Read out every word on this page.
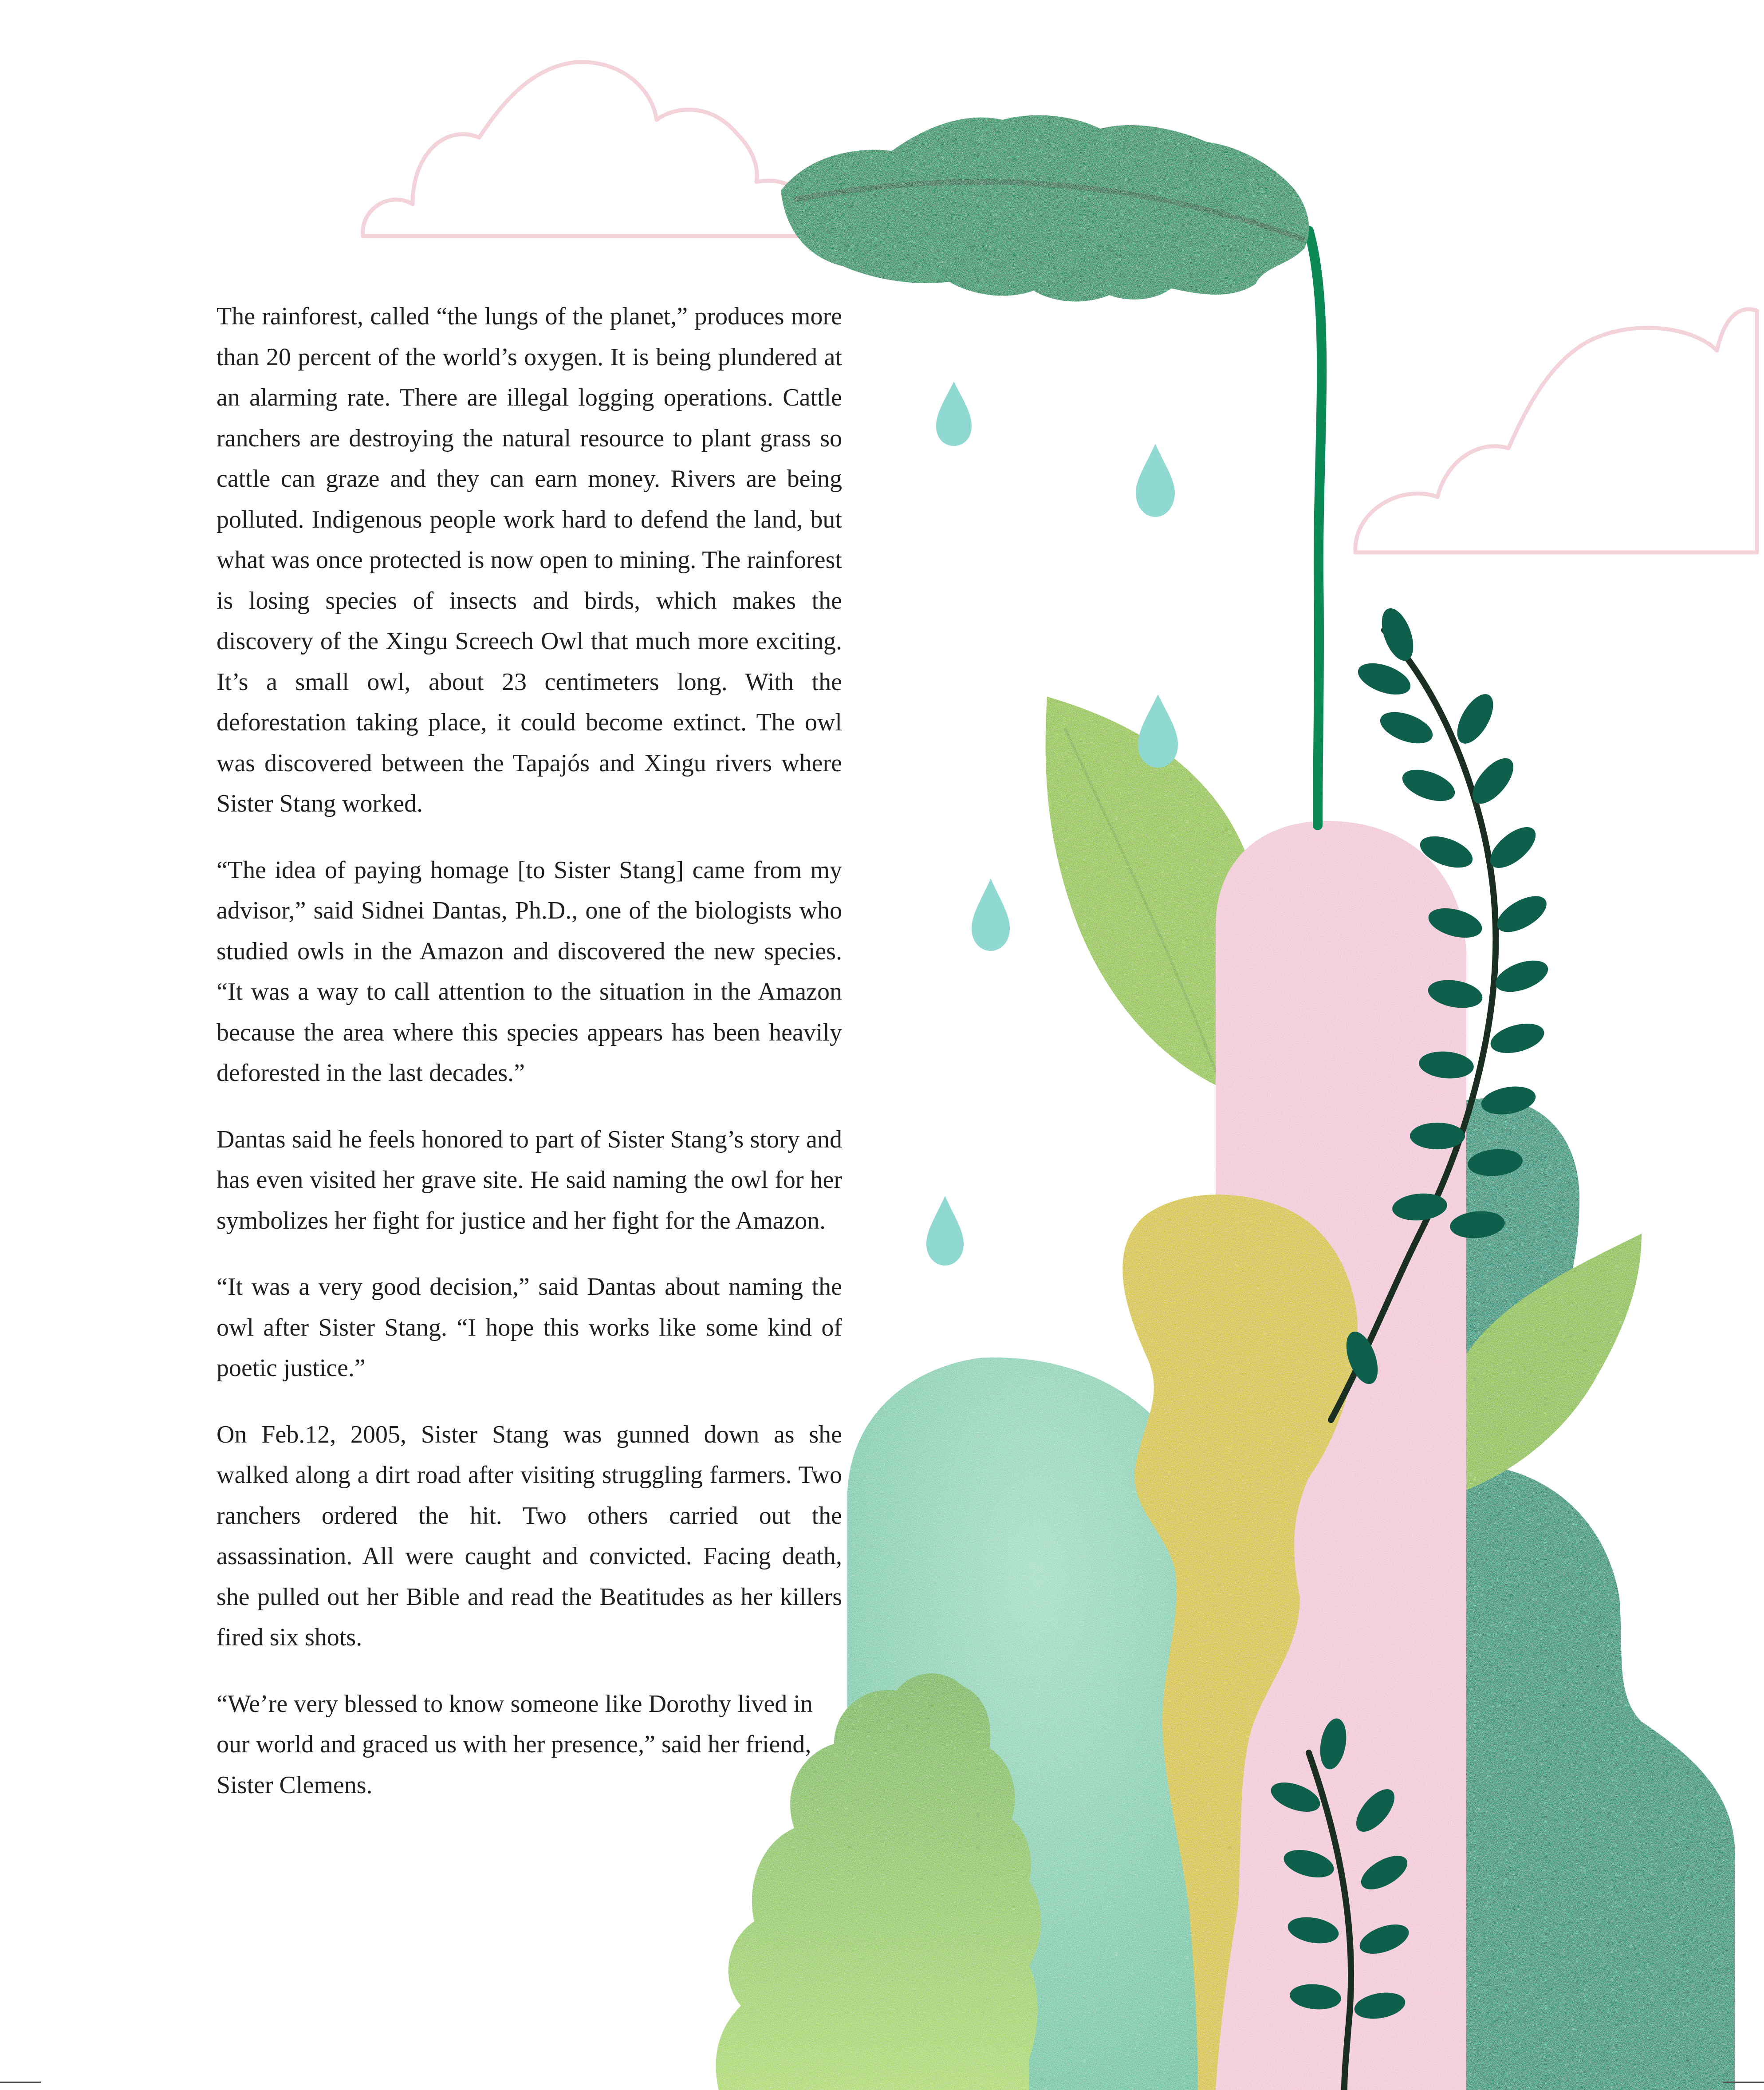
The rainforest, called “the lungs of the planet,” produces more than 20 percent of the world’s oxygen. It is being plundered at an alarming rate. There are illegal logging operations. Cattle ranchers are destroying the natural resource to plant grass so cattle can graze and they can earn money. Rivers are being polluted. Indigenous people work hard to defend the land, but what was once protected is now open to mining. The rainforest is losing species of insects and birds, which makes the discovery of the Xingu Screech Owl that much more exciting. It’s a small owl, about 23 centimeters long. With the deforestation taking place, it could become extinct. The owl was discovered between the Tapajós and Xingu rivers where Sister Stang worked.

“The idea of paying homage [to Sister Stang] came from my advisor,” said Sidnei Dantas, Ph.D., one of the biologists who studied owls in the Amazon and discovered the new species. “It was a way to call attention to the situation in the Amazon because the area where this species appears has been heavily deforested in the last decades.”

Dantas said he feels honored to part of Sister Stang’s story and has even visited her grave site. He said naming the owl for her symbolizes her fight for justice and her fight for the Amazon.

“It was a very good decision,” said Dantas about naming the owl after Sister Stang. “I hope this works like some kind of poetic justice.”

On Feb.12, 2005, Sister Stang was gunned down as she walked along a dirt road after visiting struggling farmers. Two ranchers ordered the hit. Two others carried out the assassination. All were caught and convicted. Facing death, she pulled out her Bible and read the Beatitudes as her killers fired six shots.

“We’re very blessed to know someone like Dorothy lived in our world and graced us with her presence,” said her friend, Sister Clemens.
